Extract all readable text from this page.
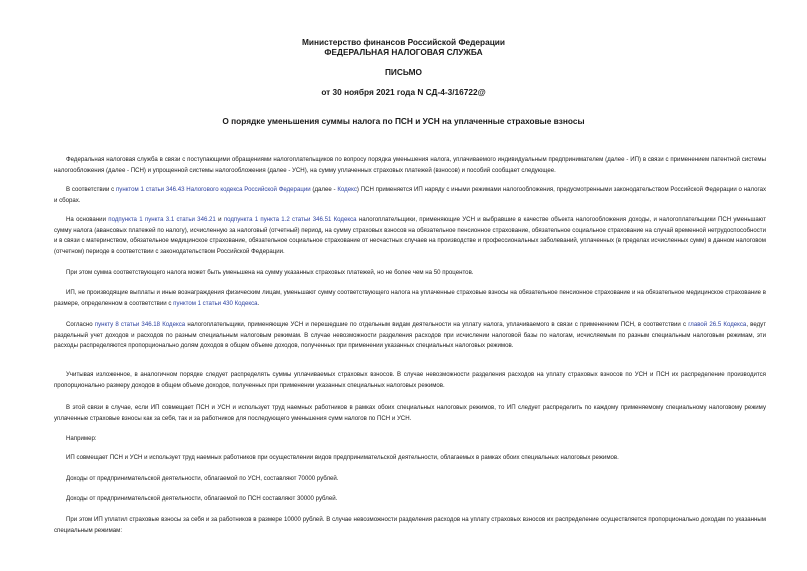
Министерство финансов Российской Федерации

ФЕДЕРАЛЬНАЯ НАЛОГОВАЯ СЛУЖБА

ПИСЬМО

от 30 ноября 2021 года N СД-4-3/16722@

О порядке уменьшения суммы налога по ПСН и УСН на уплаченные страховые взносы

Федеральная налоговая служба в связи с поступающими обращениями налогоплательщиков по вопросу порядка уменьшения налога, уплачиваемого индивидуальным предпринимателем (далее - ИП) в связи с применением патентной системы налогообложения (далее - ПСН) и упрощенной системы налогообложения (далее - УСН), на сумму уплаченных страховых платежей (взносов) и пособий сообщает следующее.

В соответствии с пунктом 1 статьи 346.43 Налогового кодекса Российской Федерации (далее - Кодекс) ПСН применяется ИП наряду с иными режимами налогообложения, предусмотренными законодательством Российской Федерации о налогах и сборах.

На основании подпункта 1 пункта 3.1 статьи 346.21 и подпункта 1 пункта 1.2 статьи 346.51 Кодекса налогоплательщики, применяющие УСН и выбравшие в качестве объекта налогообложения доходы, и налогоплательщики ПСН уменьшают сумму налога (авансовых платежей по налогу), исчисленную за налоговый (отчетный) период, на сумму страховых взносов на обязательное пенсионное страхование, обязательное социальное страхование на случай временной нетрудоспособности и в связи с материнством, обязательное медицинское страхование, обязательное социальное страхование от несчастных случаев на производстве и профессиональных заболеваний, уплаченных (в пределах исчисленных сумм) в данном налоговом (отчетном) периоде в соответствии с законодательством Российской Федерации.

При этом сумма соответствующего налога может быть уменьшена на сумму указанных страховых платежей, но не более чем на 50 процентов.

ИП, не производящие выплаты и иные вознаграждения физическим лицам, уменьшают сумму соответствующего налога на уплаченные страховые взносы на обязательное пенсионное страхование и на обязательное медицинское страхование в размере, определенном в соответствии с пунктом 1 статьи 430 Кодекса.

Согласно пункту 8 статьи 346.18 Кодекса налогоплательщики, применяющие УСН и перешедшие по отдельным видам деятельности на уплату налога, уплачиваемого в связи с применением ПСН, в соответствии с главой 26.5 Кодекса, ведут раздельный учет доходов и расходов по разным специальным налоговым режимам. В случае невозможности разделения расходов при исчислении налоговой базы по налогам, исчисляемым по разным специальным налоговым режимам, эти расходы распределяются пропорционально долям доходов в общем объеме доходов, полученных при применении указанных специальных налоговых режимов.

Учитывая изложенное, в аналогичном порядке следует распределять суммы уплачиваемых страховых взносов. В случае невозможности разделения расходов на уплату страховых взносов по УСН и ПСН их распределение производится пропорционально размеру доходов в общем объеме доходов, полученных при применении указанных специальных налоговых режимов.

В этой связи в случае, если ИП совмещает ПСН и УСН и использует труд наемных работников в рамках обоих специальных налоговых режимов, то ИП следует распределить по каждому применяемому специальному налоговому режиму уплаченные страховые взносы как за себя, так и за работников для последующего уменьшения сумм налогов по ПСН и УСН.

Например:

ИП совмещает ПСН и УСН и использует труд наемных работников при осуществлении видов предпринимательской деятельности, облагаемых в рамках обоих специальных налоговых режимов.

Доходы от предпринимательской деятельности, облагаемой по УСН, составляют 70000 рублей.

Доходы от предпринимательской деятельности, облагаемой по ПСН составляют 30000 рублей.

При этом ИП уплатил страховые взносы за себя и за работников в размере 10000 рублей. В случае невозможности разделения расходов на уплату страховых взносов их распределение осуществляется пропорционально доходам по указанным специальным режимам:
